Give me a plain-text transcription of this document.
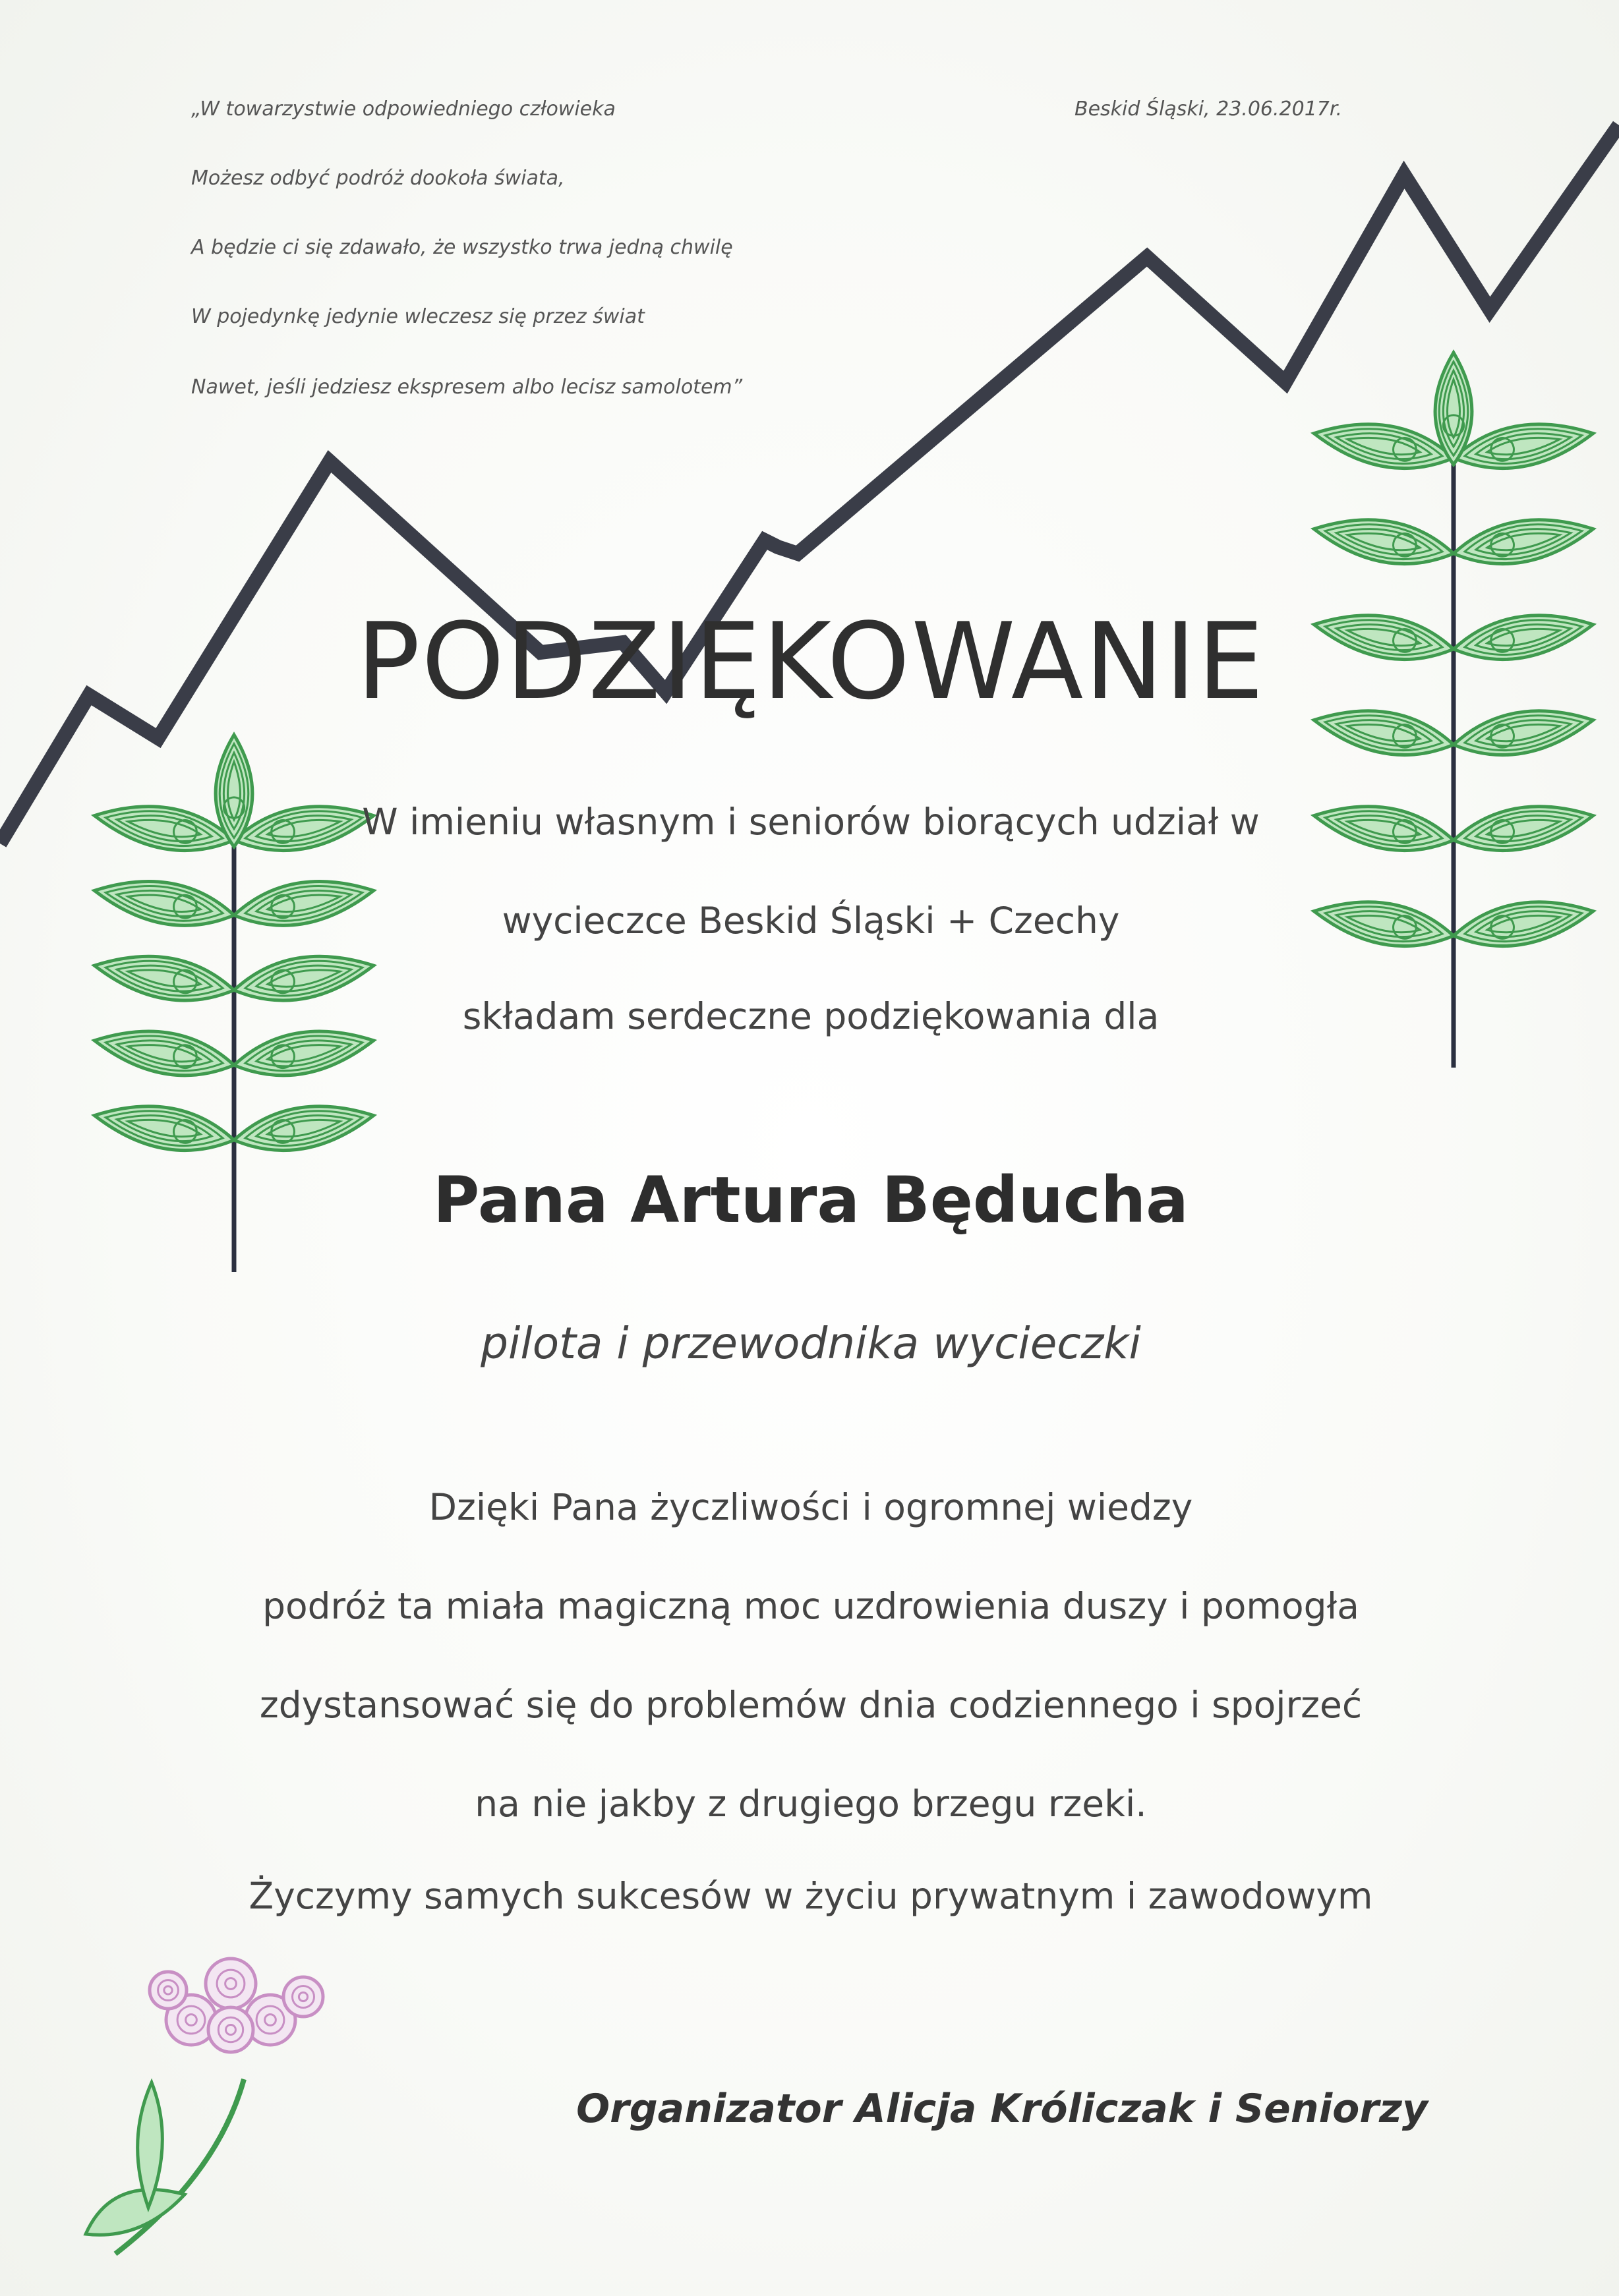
„W towarzystwie odpowiedniego człowieka

Możesz odbyć podróż dookoła świata,

A będzie ci się zdawało, że wszystko trwa jedną chwilę

W pojedynkę jedynie wleczesz się przez świat

Nawet, jeśli jedziesz ekspresem albo lecisz samolotem”

Beskid Śląski, 23.06.2017r.

PODZIĘKOWANIE

W imieniu własnym i seniorów biorących udział w

wycieczce Beskid Śląski + Czechy

składam serdeczne podziękowania dla

Pana Artura Będucha

pilota i przewodnika wycieczki

Dzięki Pana życzliwości i ogromnej wiedzy

podróż ta miała magiczną moc uzdrowienia duszy i pomogła

zdystansować się do problemów dnia codziennego i spojrzeć

na nie jakby z drugiego brzegu rzeki.

Życzymy samych sukcesów w życiu prywatnym i zawodowym

Organizator Alicja Króliczak i Seniorzy
